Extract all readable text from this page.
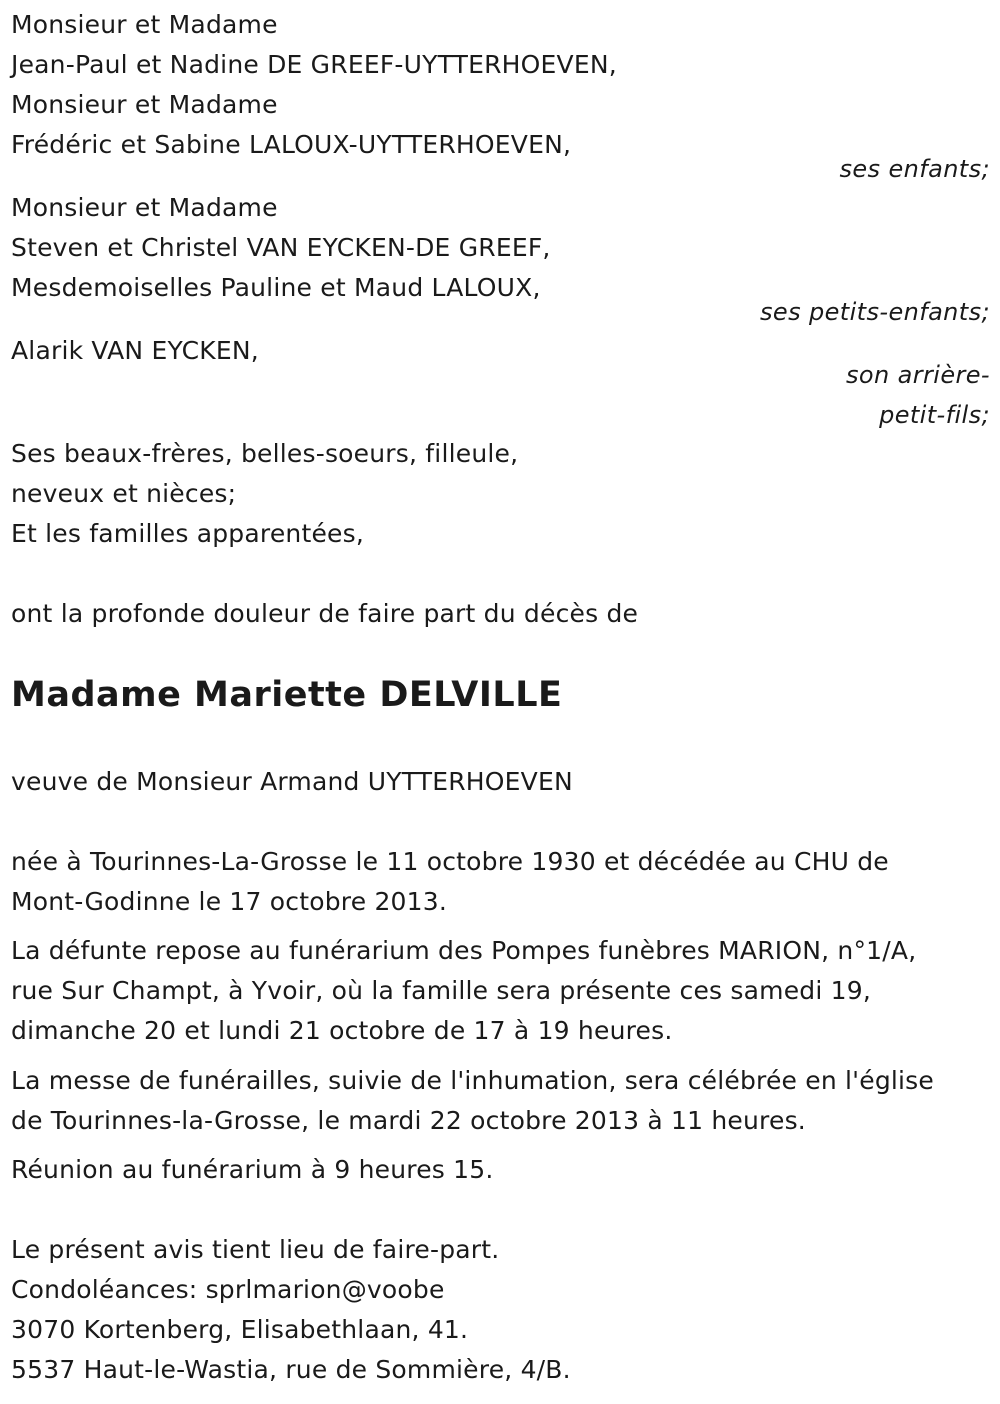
Monsieur et Madame
Jean-Paul et Nadine DE GREEF-UYTTERHOEVEN,
Monsieur et Madame
Frédéric et Sabine LALOUX-UYTTERHOEVEN,
ses enfants;
Monsieur et Madame
Steven et Christel VAN EYCKEN-DE GREEF,
Mesdemoiselles Pauline et Maud LALOUX,
ses petits-enfants;
Alarik VAN EYCKEN,
son arrière-
petit-fils;
Ses beaux-frères, belles-soeurs, filleule,
neveux et nièces;
Et les familles apparentées,
ont la profonde douleur de faire part du décès de
Madame Mariette DELVILLE
veuve de Monsieur Armand UYTTERHOEVEN
née à Tourinnes-La-Grosse le 11 octobre 1930 et décédée au CHU de
Mont-Godinne le 17 octobre 2013.
La défunte repose au funérarium des Pompes funèbres MARION, n°1/A,
rue Sur Champt, à Yvoir, où la famille sera présente ces samedi 19,
dimanche 20 et lundi 21 octobre de 17 à 19 heures.
La messe de funérailles, suivie de l'inhumation, sera célébrée en l'église
de Tourinnes-la-Grosse, le mardi 22 octobre 2013 à 11 heures.
Réunion au funérarium à 9 heures 15.
Le présent avis tient lieu de faire-part.
Condoléances: sprlmarion@voobe
3070 Kortenberg, Elisabethlaan, 41.
5537 Haut-le-Wastia, rue de Sommière, 4/B.
